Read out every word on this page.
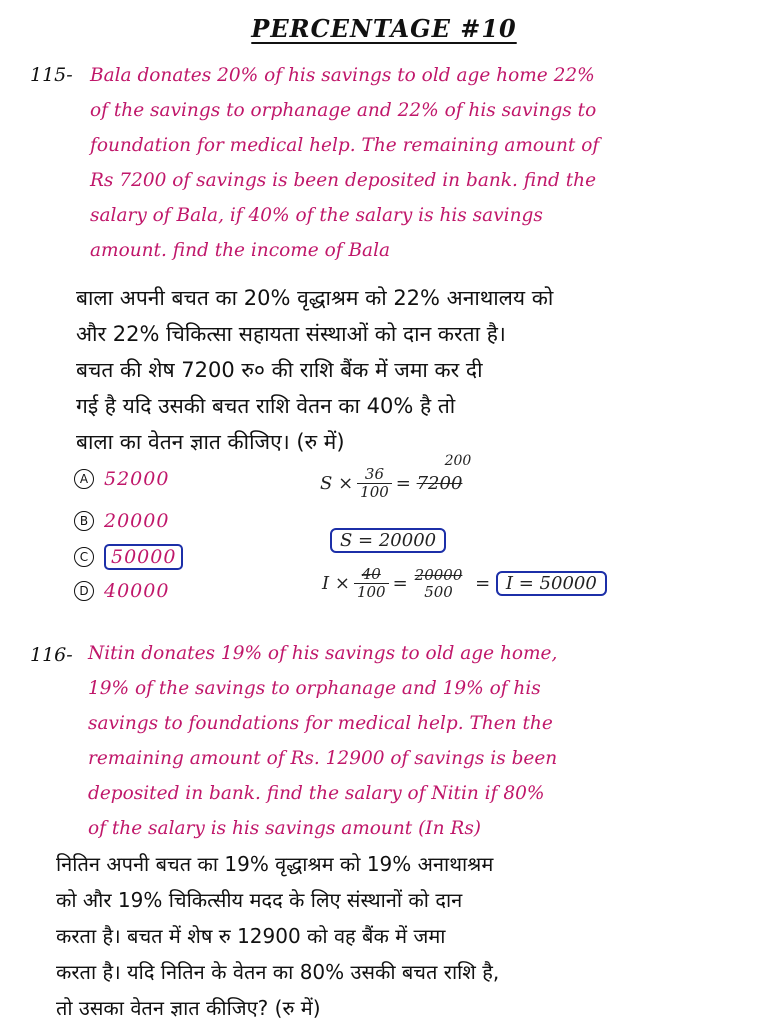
PERCENTAGE #10
115- Bala donates 20% of his savings to old age home 22%
of the savings to orphanage and 22% of his savings to
foundation for medical help. The remaining amount of
Rs 7200 of savings is been deposited in bank. find the
salary of Bala, if 40% of the salary is his savings
amount. find the income of Bala
बाला अपनी बचत का 20% वृद्धाश्रम को 22% अनाथालय को
और 22% चिकित्सा सहायता संस्थाओं को दान करता है।
बचत की शेष 7200 रु० की राशि बैंक में जमा कर दी
गई है यदि उसकी बचत राशि वेतन का 40% है तो
बाला का वेतन ज्ञात कीजिए। (रु में)
A 52000
B 20000
C	50000
D 40000
$S \times \frac{36}{100}$ =
200
7200
S = 20000
$I \times \frac{40}{100} = 20000$
500 = I = 50000
116- Nitin donates 19% of his savings to old age home,
19% of the savings to orphanage and 19% of his
savings to foundations for medical help. Then the
remaining amount of Rs. 12900 of savings is been
deposited in bank. find the salary of Nitin if 80%
of the salary is his savings amount (In Rs)
नितिन अपनी बचत का 19% वृद्धाश्रम को 19% अनाथाश्रम
को और 19% चिकित्सीय मदद के लिए संस्थानों को दान
करता है। बचत में शेष रु 12900 को वह बैंक में जमा
करता है। यदि नितिन के वेतन का 80% उसकी बचत राशि है,
तो उसका वेतन ज्ञात कीजिए? (रु में)
